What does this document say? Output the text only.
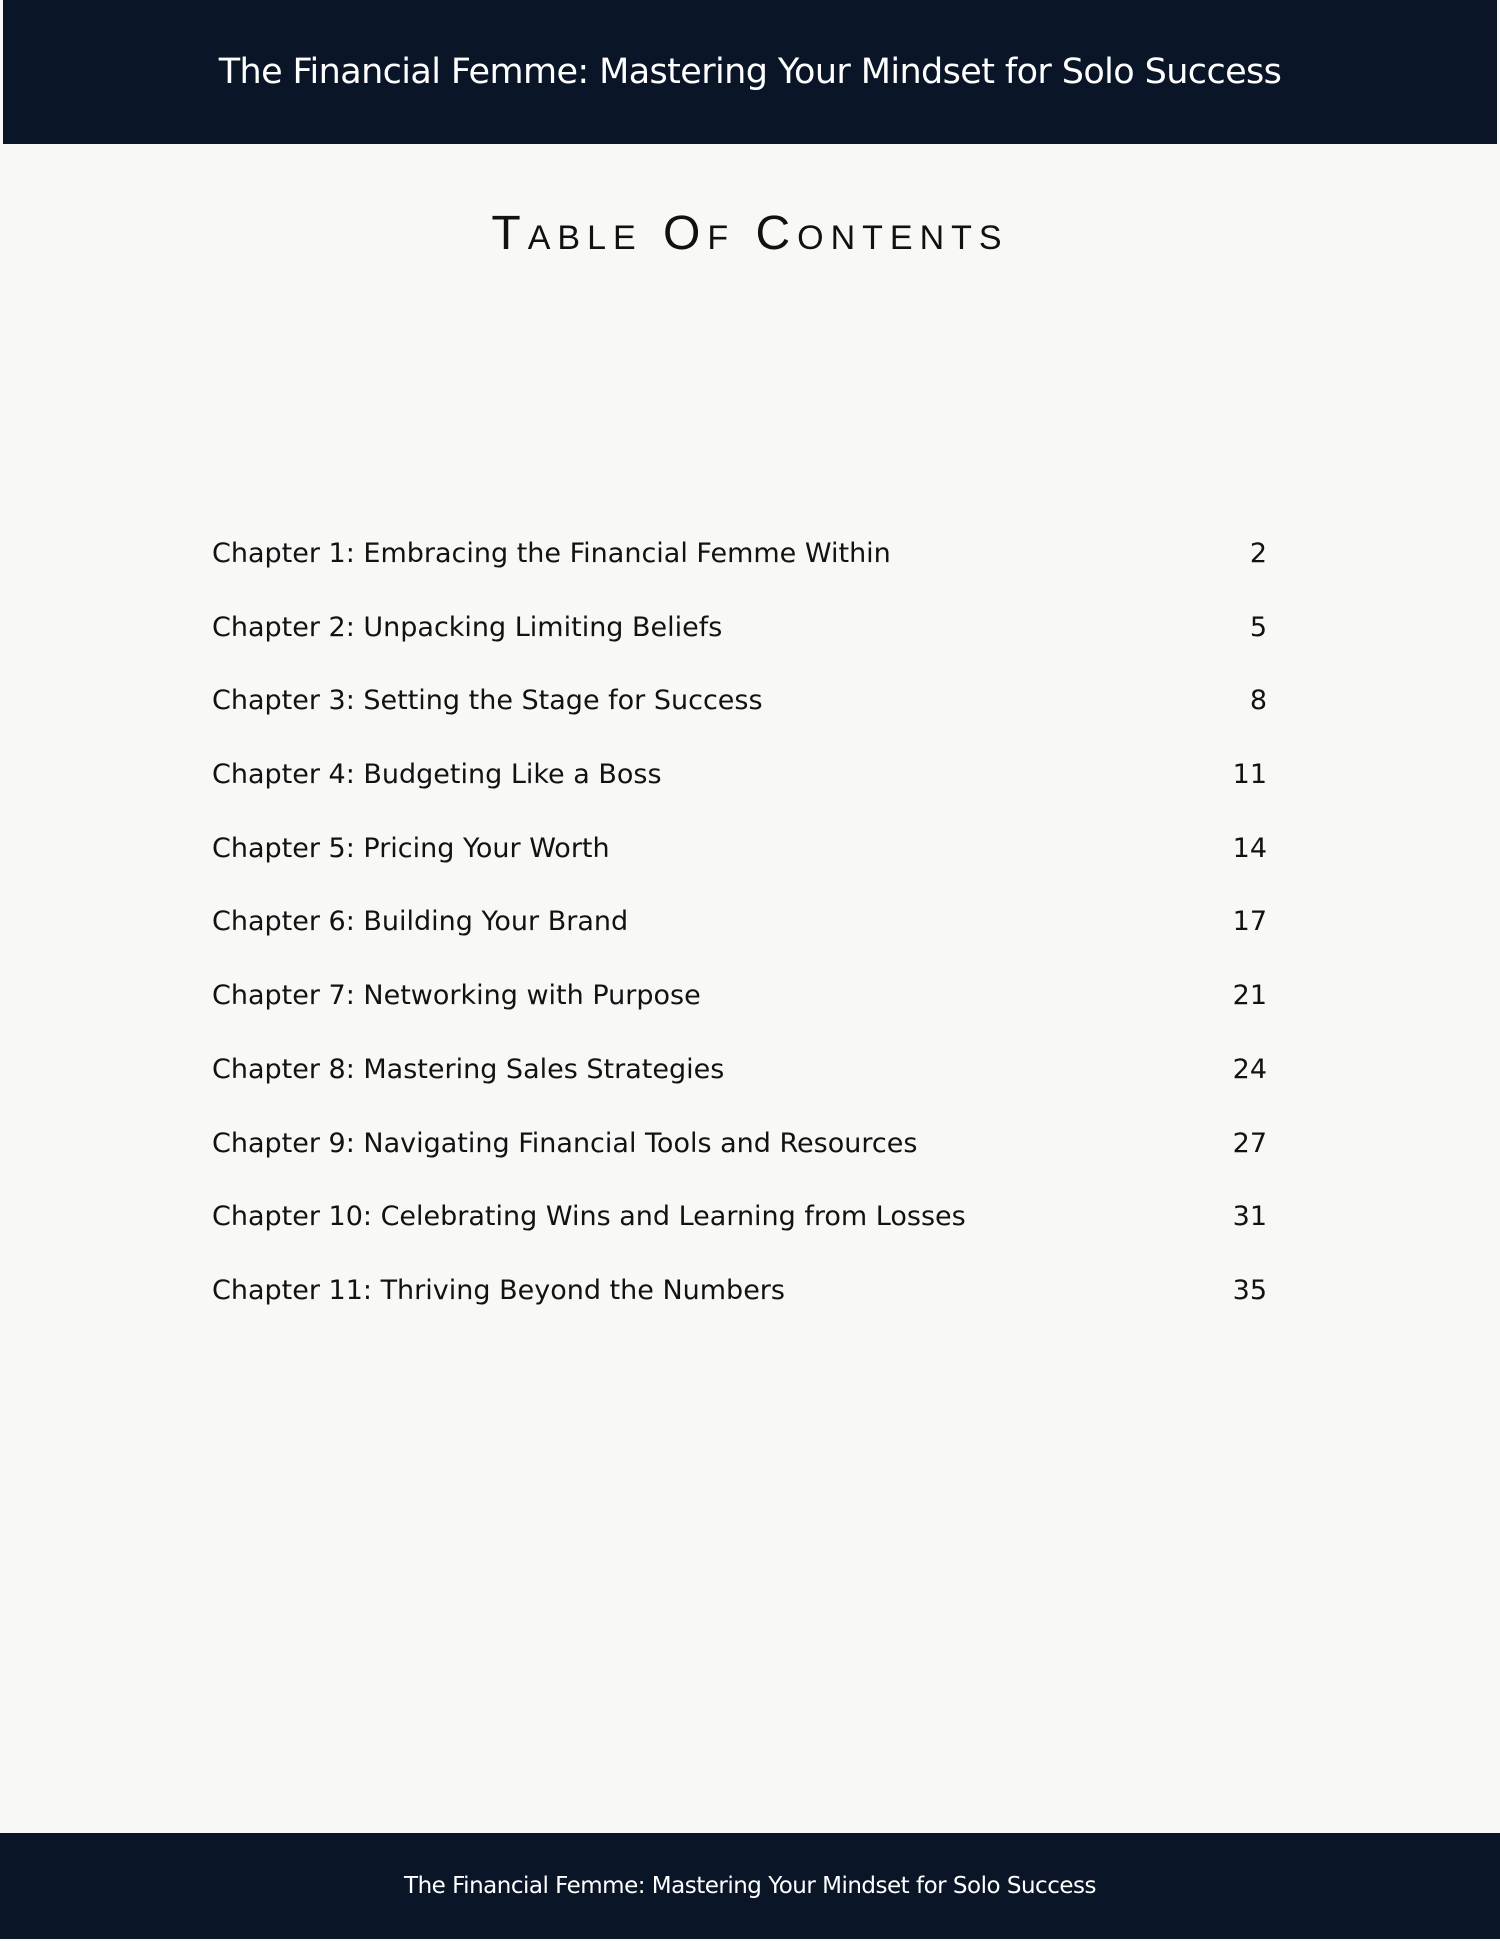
The Financial Femme: Mastering Your Mindset for Solo Success
Table Of Contents
Chapter 1: Embracing the Financial Femme Within	2
Chapter 2: Unpacking Limiting Beliefs	5
Chapter 3: Setting the Stage for Success	8
Chapter 4: Budgeting Like a Boss	11
Chapter 5: Pricing Your Worth	14
Chapter 6: Building Your Brand	17
Chapter 7: Networking with Purpose	21
Chapter 8: Mastering Sales Strategies	24
Chapter 9: Navigating Financial Tools and Resources	27
Chapter 10: Celebrating Wins and Learning from Losses	31
Chapter 11: Thriving Beyond the Numbers	35
The Financial Femme: Mastering Your Mindset for Solo Success
